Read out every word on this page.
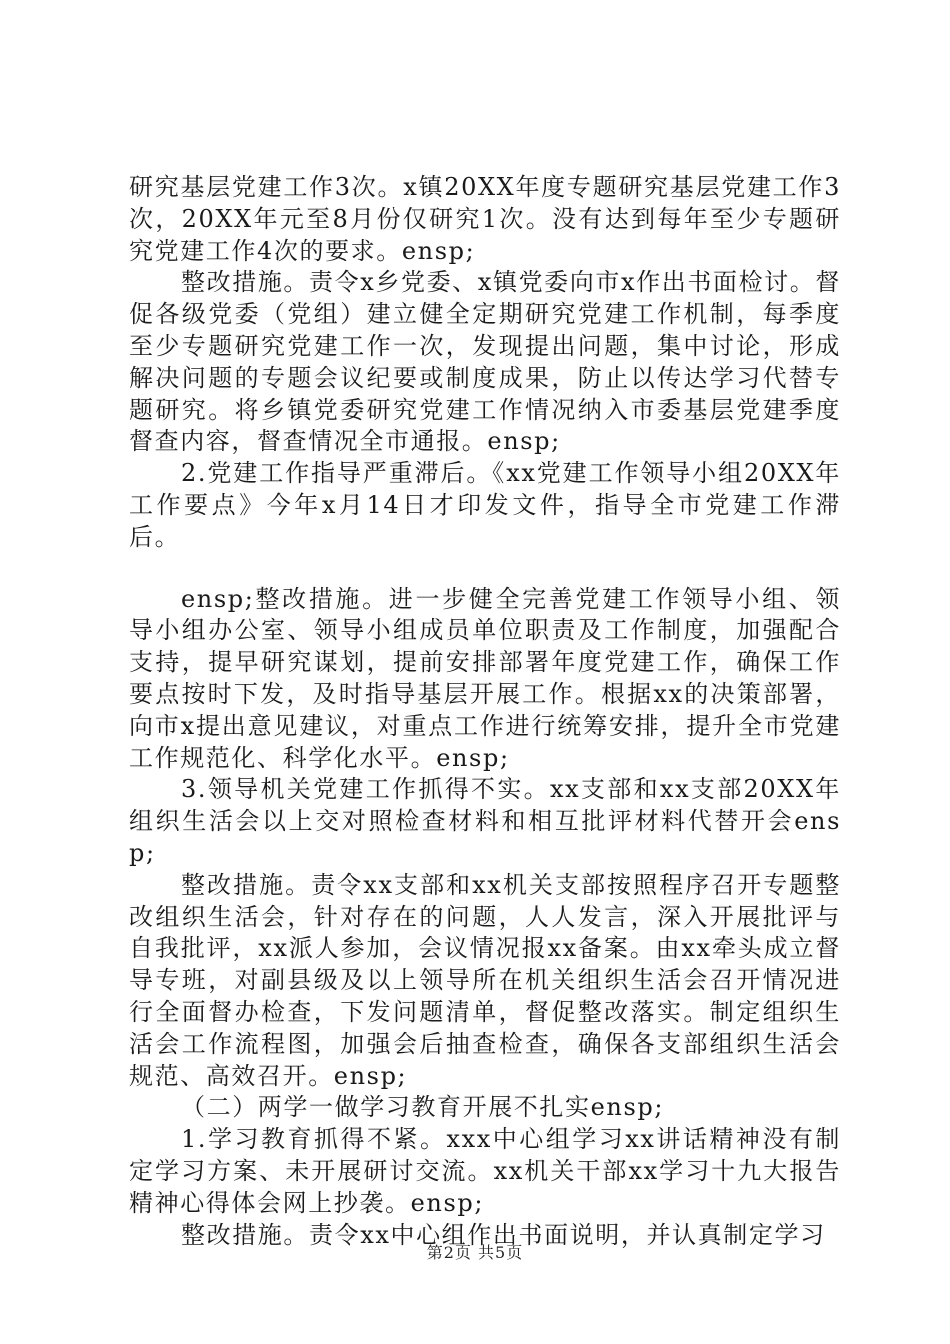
研究基层党建工作3次。x镇20XX年度专题研究基层党建工作3次，20XX年元至8月份仅研究1次。没有达到每年至少专题研究党建工作4次的要求。ensp;

整改措施。责令x乡党委、x镇党委向市x作出书面检讨。督促各级党委（党组）建立健全定期研究党建工作机制，每季度至少专题研究党建工作一次，发现提出问题，集中讨论，形成解决问题的专题会议纪要或制度成果，防止以传达学习代替专题研究。将乡镇党委研究党建工作情况纳入市委基层党建季度督查内容，督查情况全市通报。ensp;

2.党建工作指导严重滞后。《xx党建工作领导小组20XX年工作要点》今年x月14日才印发文件，指导全市党建工作滞后。

ensp;整改措施。进一步健全完善党建工作领导小组、领导小组办公室、领导小组成员单位职责及工作制度，加强配合支持，提早研究谋划，提前安排部署年度党建工作，确保工作要点按时下发，及时指导基层开展工作。根据xx的决策部署，向市x提出意见建议，对重点工作进行统筹安排，提升全市党建工作规范化、科学化水平。ensp;

3.领导机关党建工作抓得不实。xx支部和xx支部20XX年组织生活会以上交对照检查材料和相互批评材料代替开会ensp;

整改措施。责令xx支部和xx机关支部按照程序召开专题整改组织生活会，针对存在的问题，人人发言，深入开展批评与自我批评，xx派人参加，会议情况报xx备案。由xx牵头成立督导专班，对副县级及以上领导所在机关组织生活会召开情况进行全面督办检查，下发问题清单，督促整改落实。制定组织生活会工作流程图，加强会后抽查检查，确保各支部组织生活会规范、高效召开。ensp;

（二）两学一做学习教育开展不扎实ensp;

1.学习教育抓得不紧。xxx中心组学习xx讲话精神没有制定学习方案、未开展研讨交流。xx机关干部xx学习十九大报告精神心得体会网上抄袭。ensp;

整改措施。责令xx中心组作出书面说明，并认真制定学习

第2页 共5页
